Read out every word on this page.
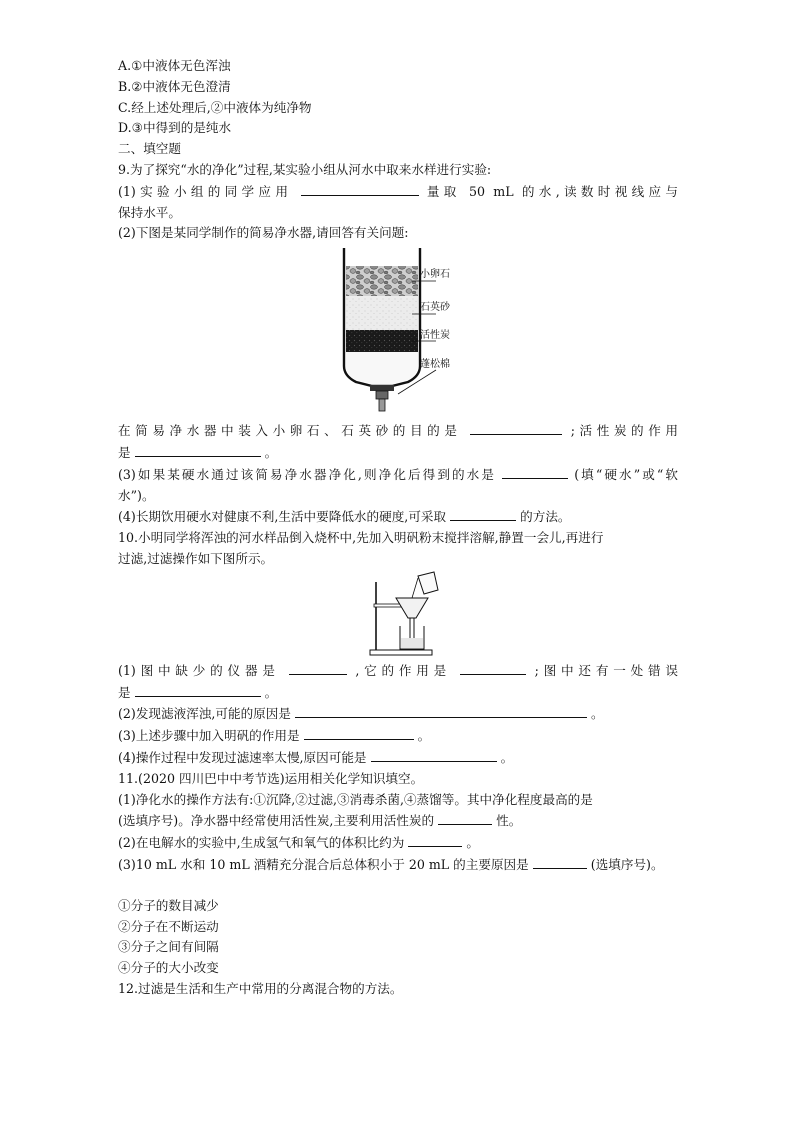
A.①中液体无色浑浊
B.②中液体无色澄清
C.经上述处理后,②中液体为纯净物
D.③中得到的是纯水
二、填空题
9.为了探究“水的净化”过程,某实验小组从河水中取来水样进行实验:
(1)实验小组的同学应用	量取 50 mL 的水,读数时视线应与
保持水平。
(2)下图是某同学制作的简易净水器,请回答有关问题:
小卵石
石英砂
活性炭
蓬松棉
在简易净水器中装入小卵石、石英砂的目的是	;活性炭的作用
是	。
(3)如果某硬水通过该简易净水器净化,则净化后得到的水是	(填“硬水”或“软
水”)。
(4)长期饮用硬水对健康不利,生活中要降低水的硬度,可采取	的方法。
10.小明同学将浑浊的河水样品倒入烧杯中,先加入明矾粉末搅拌溶解,静置一会儿,再进行
过滤,过滤操作如下图所示。
(1)图中缺少的仪器是	,它的作用是	;图中还有一处错误
是	。
(2)发现滤液浑浊,可能的原因是	。
(3)上述步骤中加入明矾的作用是	。
(4)操作过程中发现过滤速率太慢,原因可能是	。
11.(2020 四川巴中中考节选)运用相关化学知识填空。
(1)净化水的操作方法有:①沉降,②过滤,③消毒杀菌,④蒸馏等。其中净化程度最高的是
(选填序号)。净水器中经常使用活性炭,主要利用活性炭的	性。
(2)在电解水的实验中,生成氢气和氧气的体积比约为	。
(3)10 mL 水和 10 mL 酒精充分混合后总体积小于 20 mL 的主要原因是	(选填序号)。
①分子的数目减少
②分子在不断运动
③分子之间有间隔
④分子的大小改变
12.过滤是生活和生产中常用的分离混合物的方法。
